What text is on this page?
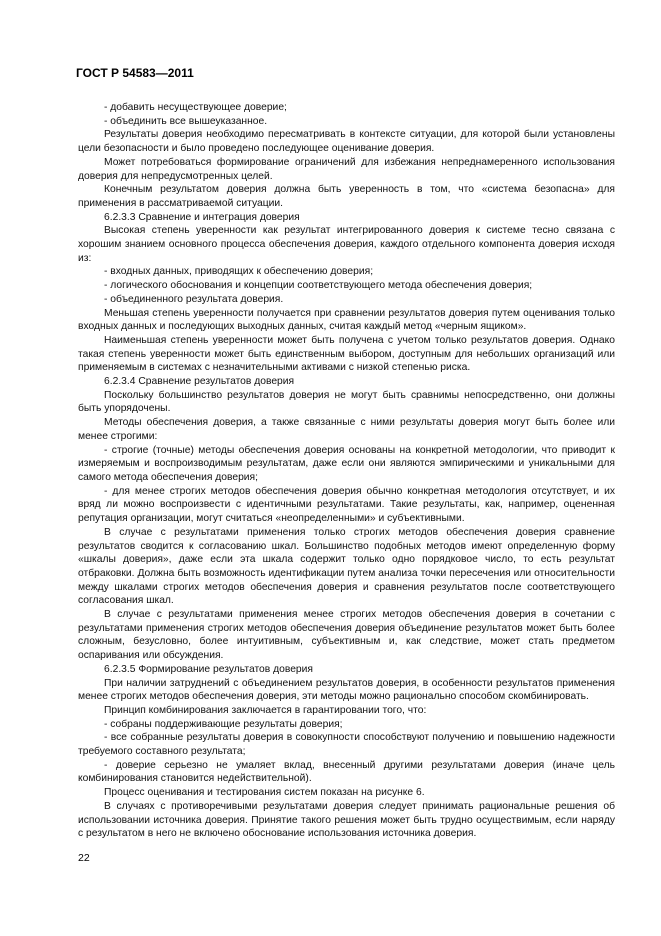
ГОСТ Р 54583—2011

- добавить несуществующее доверие;

- объединить все вышеуказанное.

Результаты доверия необходимо пересматривать в контексте ситуации, для которой были установлены цели безопасности и было проведено последующее оценивание доверия.

Может потребоваться формирование ограничений для избежания непреднамеренного использования доверия для непредусмотренных целей.

Конечным результатом доверия должна быть уверенность в том, что «система безопасна» для применения в рассматриваемой ситуации.

6.2.3.3 Сравнение и интеграция доверия

Высокая степень уверенности как результат интегрированного доверия к системе тесно связана с хорошим знанием основного процесса обеспечения доверия, каждого отдельного компонента доверия исходя из:

- входных данных, приводящих к обеспечению доверия;

- логического обоснования и концепции соответствующего метода обеспечения доверия;

- объединенного результата доверия.

Меньшая степень уверенности получается при сравнении результатов доверия путем оценивания только входных данных и последующих выходных данных, считая каждый метод «черным ящиком».

Наименьшая степень уверенности может быть получена с учетом только результатов доверия. Однако такая степень уверенности может быть единственным выбором, доступным для небольших организаций или применяемым в системах с незначительными активами с низкой степенью риска.

6.2.3.4 Сравнение результатов доверия

Поскольку большинство результатов доверия не могут быть сравнимы непосредственно, они должны быть упорядочены.

Методы обеспечения доверия, а также связанные с ними результаты доверия могут быть более или менее строгими:

- строгие (точные) методы обеспечения доверия основаны на конкретной методологии, что приводит к измеряемым и воспроизводимым результатам, даже если они являются эмпирическими и уникальными для самого метода обеспечения доверия;

- для менее строгих методов обеспечения доверия обычно конкретная методология отсутствует, и их вряд ли можно воспроизвести с идентичными результатами. Такие результаты, как, например, оцененная репутация организации, могут считаться «неопределенными» и субъективными.

В случае с результатами применения только строгих методов обеспечения доверия сравнение результатов сводится к согласованию шкал. Большинство подобных методов имеют определенную форму «шкалы доверия», даже если эта шкала содержит только одно порядковое число, то есть результат отбраковки. Должна быть возможность идентификации путем анализа точки пересечения или относительности между шкалами строгих методов обеспечения доверия и сравнения результатов после соответствующего согласования шкал.

В случае с результатами применения менее строгих методов обеспечения доверия в сочетании с результатами применения строгих методов обеспечения доверия объединение результатов может быть более сложным, безусловно, более интуитивным, субъективным и, как следствие, может стать предметом оспаривания или обсуждения.

6.2.3.5 Формирование результатов доверия

При наличии затруднений с объединением результатов доверия, в особенности результатов применения менее строгих методов обеспечения доверия, эти методы можно рационально способом скомбинировать.

Принцип комбинирования заключается в гарантировании того, что:

- собраны поддерживающие результаты доверия;

- все собранные результаты доверия в совокупности способствуют получению и повышению надежности требуемого составного результата;

- доверие серьезно не умаляет вклад, внесенный другими результатами доверия (иначе цель комбинирования становится недействительной).

Процесс оценивания и тестирования систем показан на рисунке 6.

В случаях с противоречивыми результатами доверия следует принимать рациональные решения об использовании источника доверия. Принятие такого решения может быть трудно осуществимым, если наряду с результатом в него не включено обоснование использования источника доверия.

22
